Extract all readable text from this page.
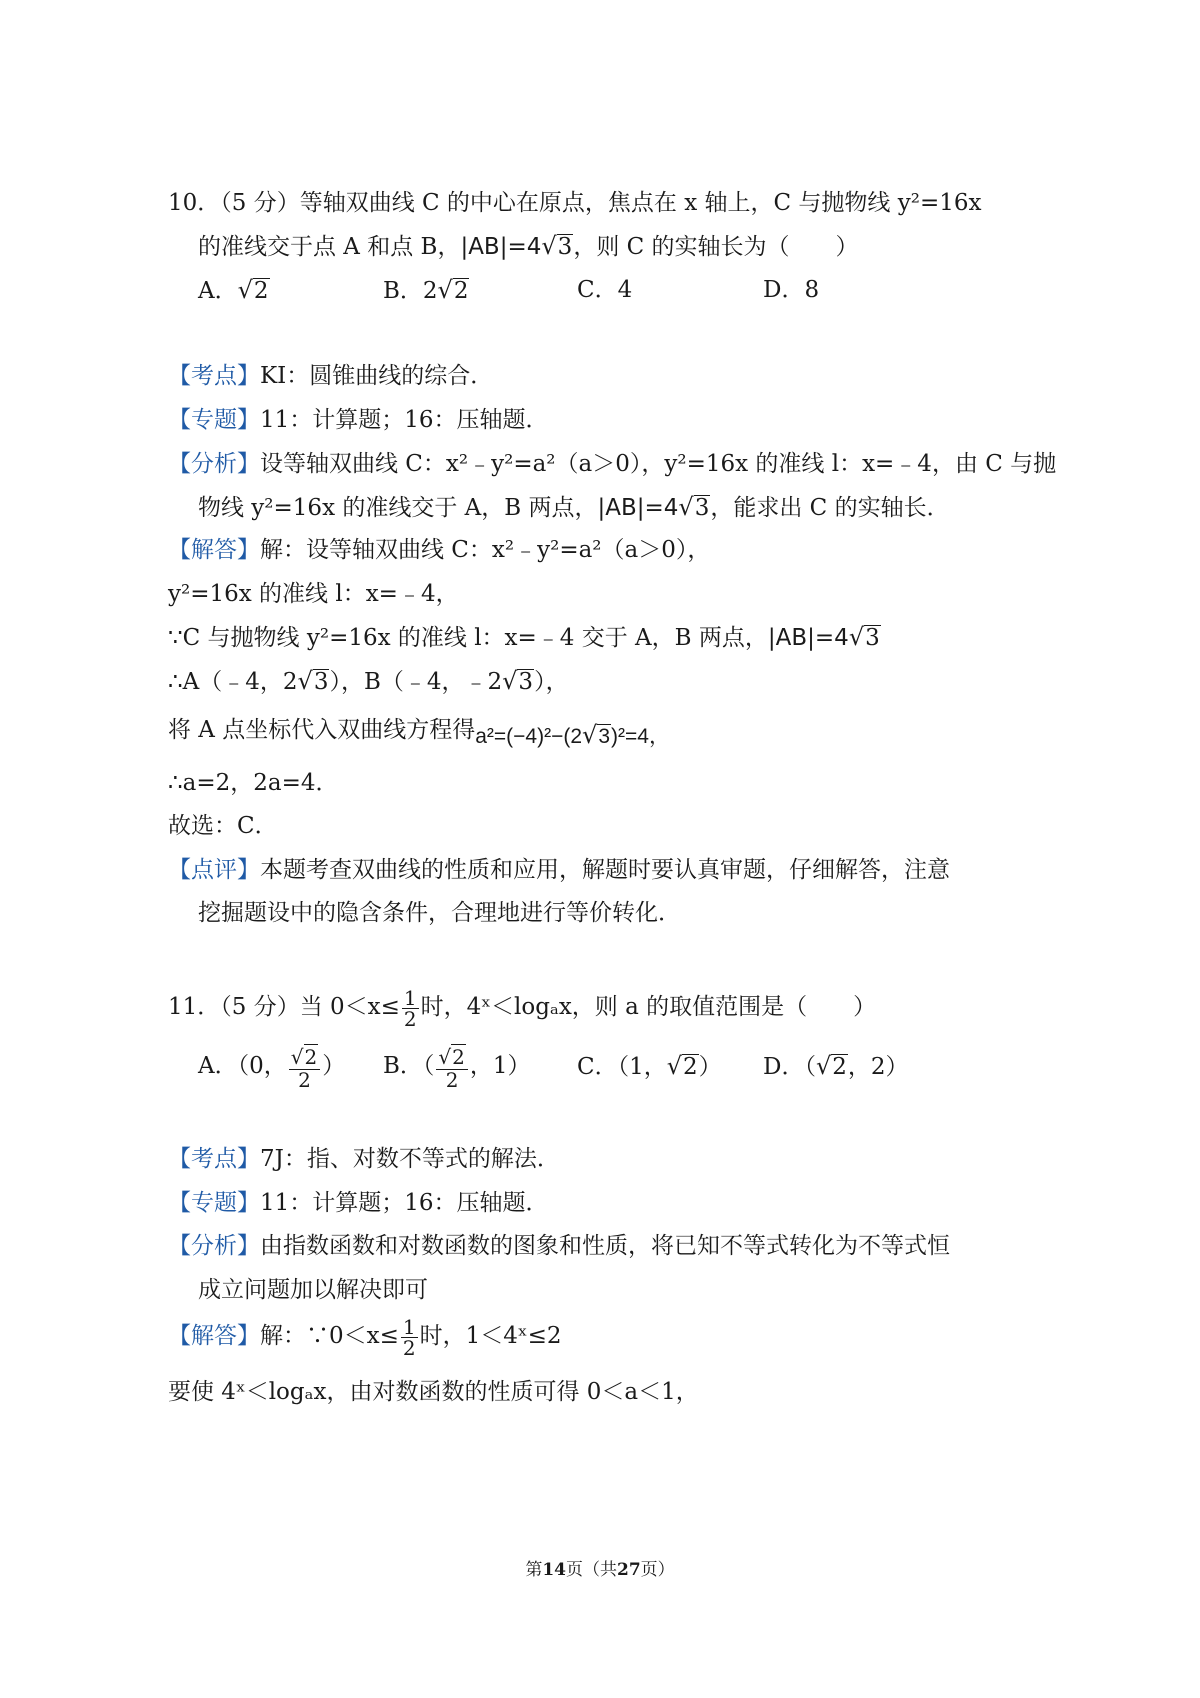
10．（5 分）等轴双曲线 C 的中心在原点，焦点在 x 轴上，C 与抛物线 y²=16x
的准线交于点 A 和点 B，|AB|=4√3，则 C 的实轴长为（　　）
A．√2	B．2√2	C．4	D．8
【考点】KI：圆锥曲线的综合．
【专题】11：计算题；16：压轴题．
【分析】设等轴双曲线 C：x²﹣y²=a²（a＞0），y²=16x 的准线 l：x=﹣4，由 C 与抛
物线 y²=16x 的准线交于 A，B 两点，|AB|=4√3，能求出 C 的实轴长．
【解答】解：设等轴双曲线 C：x²﹣y²=a²（a＞0），
y²=16x 的准线 l：x=﹣4，
∵C 与抛物线 y²=16x 的准线 l：x=﹣4 交于 A，B 两点，|AB|=4√3
∴A（﹣4，2√3），B（﹣4，﹣2√3），
将 A 点坐标代入双曲线方程得a²=(−4)²−(2√3)²=4，
∴a=2，2a=4．
故选：C．
【点评】本题考查双曲线的性质和应用，解题时要认真审题，仔细解答，注意
挖掘题设中的隐含条件，合理地进行等价转化．
11．（5 分）当 $0<x\le \frac{1}{2}$ 时，4ˣ＜logₐx，则 a 的取值范围是（　　）
A．（0， $\frac{√2}{2}$ ） B．（ $\frac{√2}{2}$ ，1） C．（1，√2） D．（√2，2）
【考点】7J：指、对数不等式的解法．
【专题】11：计算题；16：压轴题．
【分析】由指数函数和对数函数的图象和性质，将已知不等式转化为不等式恒
成立问题加以解决即可
【解答】解：∵0＜x≤ $\frac{1}{2}$ 时，1＜4ˣ≤2
要使 4ˣ＜logₐx，由对数函数的性质可得 0＜a＜1，
第14页（共27页）
